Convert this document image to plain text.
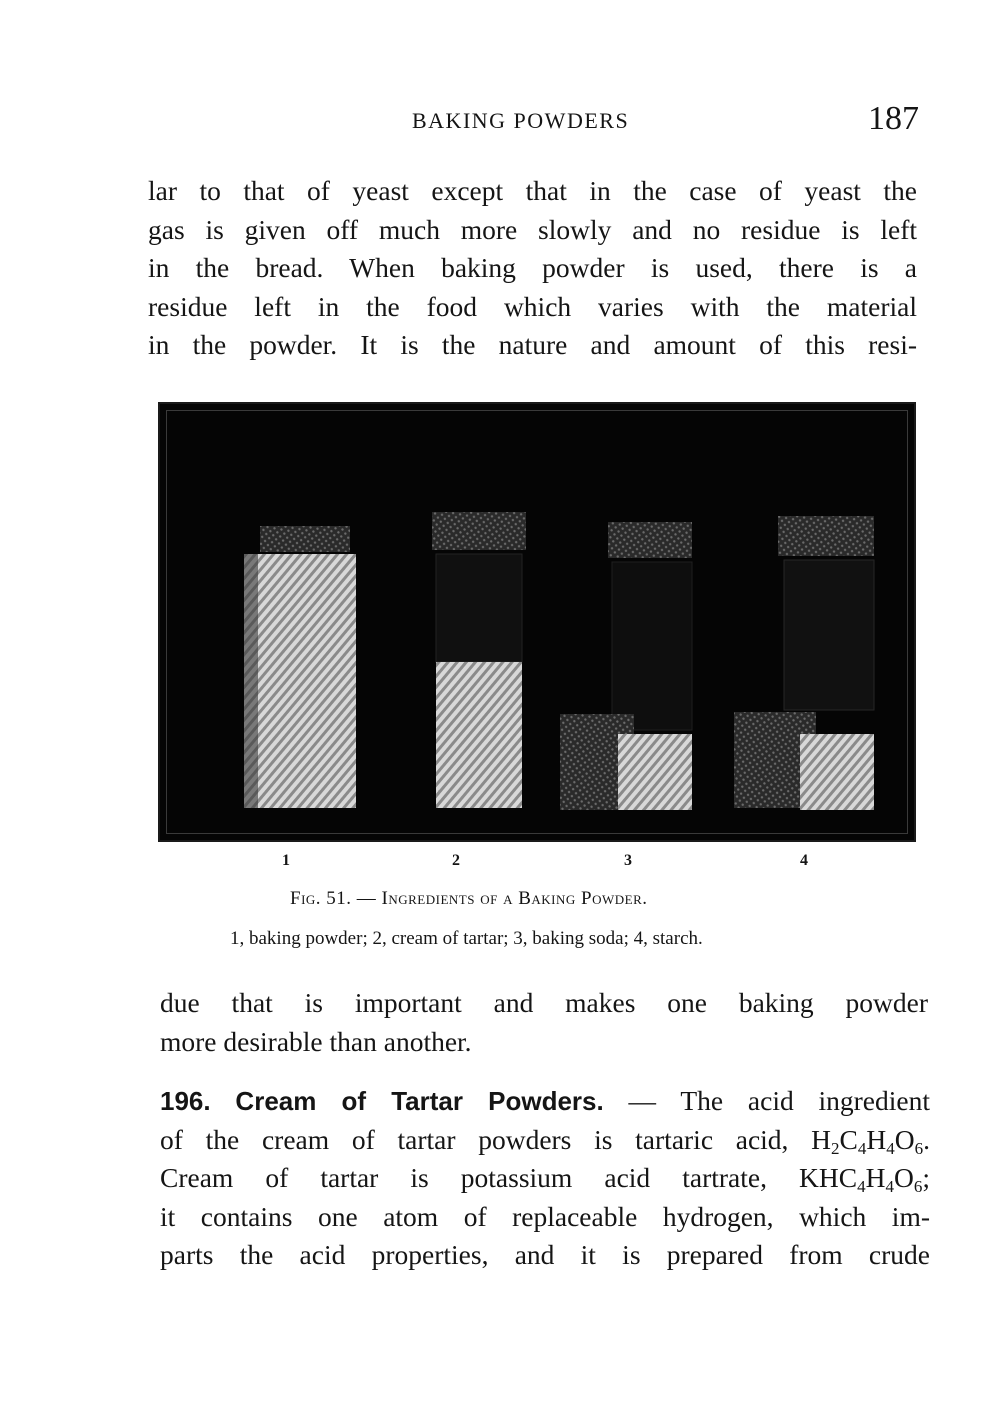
BAKING POWDERS	187
lar to that of yeast except that in the case of yeast the
gas is given off much more slowly and no residue is left
in the bread. When baking powder is used, there is a
residue left in the food which varies with the material
in the powder. It is the nature and amount of this resi-
1	2	3	4
Fig. 51. — Ingredients of a Baking Powder.
1, baking powder; 2, cream of tartar; 3, baking soda; 4, starch.
due that is important and makes one baking powder
more desirable than another.
196. Cream of Tartar Powders. — The acid ingredient
of the cream of tartar powders is tartaric acid, $H_2C_4H_4O_6$.
Cream of tartar is potassium acid tartrate, $KHC_4H_4O_6$;
it contains one atom of replaceable hydrogen, which im-
parts the acid properties, and it is prepared from crude
